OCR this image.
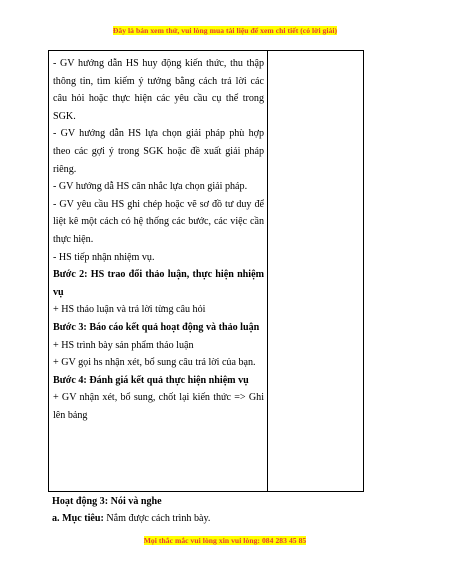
Đây là bản xem thử, vui lòng mua tài liệu để xem chi tiết (có lời giải)

- GV hướng dẫn HS huy động kiến thức, thu thập thông tin, tìm kiếm ý tưởng bằng cách trả lời các câu hỏi hoặc thực hiện các yêu cầu cụ thể trong SGK.

- GV hướng dẫn HS lựa chọn giải pháp phù hợp theo các gợi ý trong SGK hoặc đề xuất giải pháp riêng.

- GV hướng dẫ HS cân nhắc lựa chọn giải pháp.

- GV yêu cầu HS ghi chép hoặc vẽ sơ đồ tư duy để liệt kê một cách có hệ thống các bước, các việc cần thực hiện.

- HS tiếp nhận nhiệm vụ.

Bước 2: HS trao đổi thảo luận, thực hiện nhiệm vụ

+ HS thảo luận và trả lời từng câu hỏi

Bước 3: Báo cáo kết quả hoạt động và thảo luận

+ HS trình bày sản phẩm thảo luận

+ GV gọi hs nhận xét, bổ sung câu trả lời của bạn.

Bước 4: Đánh giá kết quả thực hiện nhiệm vụ

+ GV nhận xét, bổ sung, chốt lại kiến thức => Ghi lên bảng

Hoạt động 3: Nói và nghe
a. Mục tiêu: Nắm được cách trình bày.
Mọi thắc mắc vui lòng xin vui lòng: 084 283 45 85
